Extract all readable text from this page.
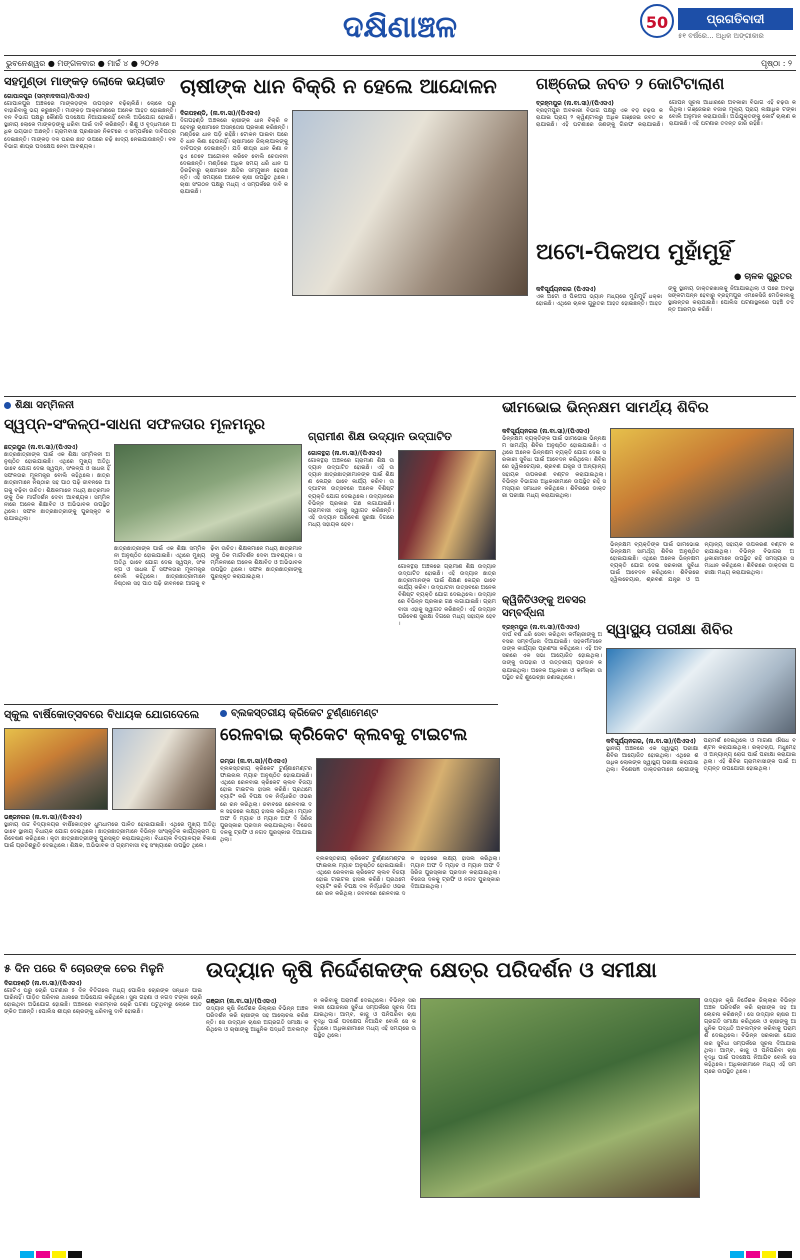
ଦକ୍ଷିଣାଞ୍ଚଳ	50	ପ୍ରଗତିବାଦୀ
୫୧ ବର୍ଷରେ... ଅଧିକ ଅଙ୍ଗୀକାର
ଭୁବନେଶ୍ୱର ● ମଙ୍ଗଳବାର ● ମାର୍ଚ୍ଚ ୪ ● ୨୦୨୫	ପୃଷ୍ଠା : ୨
ସହମୁଣ୍ଡା ମାଙ୍କଡ଼ ଲୋକେ ଭୟଭୀତ
ଗୋପାଳପୁର (ସମ୍ବାଦଦାତା)/ପିଏସଏ)
ଗୋପାଳପୁର ଅଞ୍ଚଳରେ ମାଙ୍କଡ଼ଙ୍କ ଉପଦ୍ରବ ବଢ଼ିଚାଲିଛି। ଲୋକେ ଘରୁ ବାହାରିବାକୁ ଭୟ କରୁଛନ୍ତି। ମାଙ୍କଡ଼ ଆକ୍ରମଣରେ ଅନେକ ଆହତ ହୋଇଛନ୍ତି। ବନ ବିଭାଗ ପକ୍ଷରୁ କୌଣସି ପଦକ୍ଷେପ ନିଆଯାଇନାହିଁ ବୋଲି ଅଭିଯୋଗ ହୋଇଛି। ସ୍ଥାନୀୟ ଲୋକେ ମାଙ୍କଡ଼ଙ୍କୁ ଧରିବା ପାଇଁ ଦାବି କରିଛନ୍ତି। ଶିଶୁ ଓ ବୃଦ୍ଧମାନେ ଅଧିକ ଭୟଭୀତ ଅଛନ୍ତି। ଗ୍ରାମବାସୀ ପ୍ରଶାସନ ନିକଟରେ ଏ ସମ୍ପର୍କରେ ଦାବିପତ୍ର ଦେଇଛନ୍ତି। ମାଙ୍କଡ଼ ଦଳ ଘରର ଛାତ ଉପରେ ଚଢ଼ି ଖାଦ୍ୟ ନେଇଯାଉଛନ୍ତି। ବନ ବିଭାଗ ଶୀଘ୍ର ପଦକ୍ଷେପ ନେବା ଆବଶ୍ୟକ।
ଚାଷୀଙ୍କ ଧାନ ବିକ୍ରି ନ ହେଲେ ଆନ୍ଦୋଳନ
ଦିଗପହଣ୍ଡି, (ନା.ବା.ସା)/(ପିଏସଏ)
ଦିଗପହଣ୍ଡି ଅଞ୍ଚଳରେ ଚାଷୀଙ୍କ ଧାନ ବିକ୍ରି ନ ହେବାରୁ ଚାଷୀମାନେ ଅସନ୍ତୋଷ ପ୍ରକାଶ କରିଛନ୍ତି। ମଣ୍ଡିରେ ଧାନ ପଡ଼ି ରହିଛି। ଟୋକନ ପାଇବା ପରେ ବି ଧାନ କିଣା ହେଉନାହିଁ। ଚାଷୀମାନେ ଜିଲ୍ଲାପାଳଙ୍କୁ ଦାବିପତ୍ର ଦେଇଛନ୍ତି। ଯଦି ଶୀଘ୍ର ଧାନ କିଣା ନ ହୁଏ ତେବେ ଆନ୍ଦୋଳନ କରିବେ ବୋଲି ଚେତାବନୀ ଦେଇଛନ୍ତି। ମଣ୍ଡିରେ ଅଧିକ ସମୟ ଧରି ଧାନ ପଡ଼ିରହିବାରୁ ଚାଷୀମାନେ କ୍ଷତିର ସମ୍ମୁଖୀନ ହେଉଛନ୍ତି। ଏହି ସମୟରେ ଅନେକ ଚାଷୀ ଉପସ୍ଥିତ ଥିଲେ। ଚାଷୀ ସଂଗଠନ ପକ୍ଷରୁ ମଧ୍ୟ ଏ ସମ୍ପର୍କରେ ଦାବି କରାଯାଇଛି।
ଗଞ୍ଜେଇ ଜବତ ୨ କୋଟିଟାଲାଣ
ବ୍ରହ୍ମପୁର (ନା.ବା.ସା)/(ପିଏସଏ)
ବ୍ରହ୍ମପୁର ଅବକାରୀ ବିଭାଗ ପକ୍ଷରୁ ଏକ ବଡ଼ ଚଢ଼ଉ କରାଯାଇ ପ୍ରାୟ ୨ କ୍ୱିଣ୍ଟାଲରୁ ଅଧିକ ଗଞ୍ଜେଇ ଜବତ କରାଯାଇଛି। ଏହି ଘଟଣାରେ ଜଣଙ୍କୁ ଗିରଫ କରାଯାଇଛି। ଗୋପନ ସୂଚନା ଆଧାରରେ ଅବକାରୀ ବିଭାଗ ଏହି ଚଢ଼ଉ କରିଥିଲା। ଗଞ୍ଜେଇର ବଜାର ମୂଲ୍ୟ ପ୍ରାୟ ଲକ୍ଷାଧିକ ଟଙ୍କା ବୋଲି ଅନୁମାନ କରାଯାଉଛି। ଅଭିଯୁକ୍ତଙ୍କୁ କୋର୍ଟ ଚାଲାଣ କରାଯାଇଛି। ଏହି ଘଟଣାର ତଦନ୍ତ ଜାରି ରହିଛି।
ଅଟୋ-ପିକଅପ ମୁହାଁମୁହିଁ
● ଚାଳକ ଗୁରୁତର
କବିସୂର୍ଯ୍ୟନଗର (ପିଏସଏ)
ଏକ ଅଟୋ ଓ ପିକଅପ ଭ୍ୟାନ ମଧ୍ୟରେ ମୁହାଁମୁହିଁ ଧକ୍କା ହୋଇଛି। ଏଥିରେ ଚାଳକ ଗୁରୁତର ଆହତ ହୋଇଛନ୍ତି। ଆହତଙ୍କୁ ସ୍ଥାନୀୟ ଡାକ୍ତରଖାନାକୁ ନିଆଯାଇଥିଲା ଓ ପରେ ଅବସ୍ଥା ସଙ୍କଟାପନ୍ନ ହେବାରୁ ବ୍ରହ୍ମପୁର ଏମକେସିଜି ମେଡିକାଲକୁ ସ୍ଥାନାନ୍ତର କରାଯାଇଛି। ପୋଲିସ ଘଟଣାସ୍ଥଳରେ ପହଞ୍ଚି ତଦନ୍ତ ଆରମ୍ଭ କରିଛି।
ଶିକ୍ଷା ସମ୍ମିଳନୀ
ସ୍ୱପ୍ନ-ସଂକଳ୍ପ-ସାଧନା ସଫଳତାର ମୂଳମନ୍ତ୍ର
ଛତ୍ରପୁର (ନା.ବା.ସା)/(ପିଏସଏ)
ଛାତ୍ରଛାତ୍ରୀଙ୍କ ପାଇଁ ଏକ ଶିକ୍ଷା ସମ୍ମିଳନୀ ଅନୁଷ୍ଠିତ ହୋଇଯାଇଛି। ଏଥିରେ ମୁଖ୍ୟ ଅତିଥି ଭାବେ ଯୋଗ ଦେଇ ସ୍ୱପ୍ନ, ସଂକଳ୍ପ ଓ ସାଧନା ହିଁ ସଫଳତାର ମୂଳମନ୍ତ୍ର ବୋଲି କହିଥିଲେ। ଛାତ୍ରଛାତ୍ରୀମାନେ ନିଷ୍ଠାର ସହ ପାଠ ପଢ଼ି ଜୀବନରେ ଆଗକୁ ବଢ଼ିବା ଉଚିତ। ଶିକ୍ଷକମାନେ ମଧ୍ୟ ଛାତ୍ରମାନଙ୍କୁ ଠିକ ମାର୍ଗଦର୍ଶନ ଦେବା ଆବଶ୍ୟକ। ସମ୍ମିଳନୀରେ ଅନେକ ଶିକ୍ଷାବିତ ଓ ଅଭିଭାବକ ଉପସ୍ଥିତ ଥିଲେ। ସଫଳ ଛାତ୍ରଛାତ୍ରୀଙ୍କୁ ପୁରସ୍କୃତ କରାଯାଇଥିଲା।
ଛାତ୍ରଛାତ୍ରୀଙ୍କ ପାଇଁ ଏକ ଶିକ୍ଷା ସମ୍ମିଳନୀ ଅନୁଷ୍ଠିତ ହୋଇଯାଇଛି। ଏଥିରେ ମୁଖ୍ୟ ଅତିଥି ଭାବେ ଯୋଗ ଦେଇ ସ୍ୱପ୍ନ, ସଂକଳ୍ପ ଓ ସାଧନା ହିଁ ସଫଳତାର ମୂଳମନ୍ତ୍ର ବୋଲି କହିଥିଲେ। ଛାତ୍ରଛାତ୍ରୀମାନେ ନିଷ୍ଠାର ସହ ପାଠ ପଢ଼ି ଜୀବନରେ ଆଗକୁ ବଢ଼ିବା ଉଚିତ। ଶିକ୍ଷକମାନେ ମଧ୍ୟ ଛାତ୍ରମାନଙ୍କୁ ଠିକ ମାର୍ଗଦର୍ଶନ ଦେବା ଆବଶ୍ୟକ। ସମ୍ମିଳନୀରେ ଅନେକ ଶିକ୍ଷାବିତ ଓ ଅଭିଭାବକ ଉପସ୍ଥିତ ଥିଲେ। ସଫଳ ଛାତ୍ରଛାତ୍ରୀଙ୍କୁ ପୁରସ୍କୃତ କରାଯାଇଥିଲା।
ଗ୍ରାମୀଣ ଶିକ୍ଷ ଉଦ୍ୟାନ ଉଦ୍‌ଘାଟିତ
ଗୋଳନ୍ଥରା (ନା.ବା.ସା)/(ପିଏସଏ)
ଗୋଳନ୍ଥରା ଅଞ୍ଚଳରେ ଗ୍ରାମୀଣ ଶିକ୍ଷ ଉଦ୍ୟାନ ଉଦ୍‌ଘାଟିତ ହୋଇଛି। ଏହି ଉଦ୍ୟାନ ଛାତ୍ରଛାତ୍ରୀମାନଙ୍କ ପାଇଁ ଶିକ୍ଷଣ କେନ୍ଦ୍ର ଭାବେ କାର୍ଯ୍ୟ କରିବ। ଉଦ୍‌ଘାଟନୀ ଉତ୍ସବରେ ଅନେକ ବିଶିଷ୍ଟ ବ୍ୟକ୍ତି ଯୋଗ ଦେଇଥିଲେ। ଉଦ୍ୟାନରେ ବିଭିନ୍ନ ପ୍ରକାର ଗଛ ଲଗାଯାଇଛି। ଗ୍ରାମବାସୀ ଏହାକୁ ସ୍ୱାଗତ କରିଛନ୍ତି। ଏହି ଉଦ୍ୟାନ ପରିବେଶ ସୁରକ୍ଷା ଦିଗରେ ମଧ୍ୟ ସହାୟକ ହେବ।
ଗୋଳନ୍ଥରା ଅଞ୍ଚଳରେ ଗ୍ରାମୀଣ ଶିକ୍ଷ ଉଦ୍ୟାନ ଉଦ୍‌ଘାଟିତ ହୋଇଛି। ଏହି ଉଦ୍ୟାନ ଛାତ୍ରଛାତ୍ରୀମାନଙ୍କ ପାଇଁ ଶିକ୍ଷଣ କେନ୍ଦ୍ର ଭାବେ କାର୍ଯ୍ୟ କରିବ। ଉଦ୍‌ଘାଟନୀ ଉତ୍ସବରେ ଅନେକ ବିଶିଷ୍ଟ ବ୍ୟକ୍ତି ଯୋଗ ଦେଇଥିଲେ। ଉଦ୍ୟାନରେ ବିଭିନ୍ନ ପ୍ରକାର ଗଛ ଲଗାଯାଇଛି। ଗ୍ରାମବାସୀ ଏହାକୁ ସ୍ୱାଗତ କରିଛନ୍ତି। ଏହି ଉଦ୍ୟାନ ପରିବେଶ ସୁରକ୍ଷା ଦିଗରେ ମଧ୍ୟ ସହାୟକ ହେବ।
ଭୀମଭୋଇ ଭିନ୍ନକ୍ଷମ ସାମର୍ଥ୍ୟ ଶିବିର
କବିସୂର୍ଯ୍ୟନଗର (ନା.ବା.ସା)/(ପିଏସଏ)
ଭିନ୍ନକ୍ଷମ ବ୍ୟକ୍ତିଙ୍କ ପାଇଁ ଭୀମଭୋଇ ଭିନ୍ନକ୍ଷମ ସାମର୍ଥ୍ୟ ଶିବିର ଅନୁଷ୍ଠିତ ହୋଇଯାଇଛି। ଏଥିରେ ଅନେକ ଭିନ୍ନକ୍ଷମ ବ୍ୟକ୍ତି ଯୋଗ ଦେଇ ସରକାରୀ ସୁବିଧା ପାଇଁ ଆବେଦନ କରିଥିଲେ। ଶିବିରରେ ହ୍ୱିଲଚେୟାର, ଶ୍ରବଣ ଯନ୍ତ୍ର ଓ ଅନ୍ୟାନ୍ୟ ସହାୟକ ଉପକରଣ ବଣ୍ଟନ କରାଯାଇଥିଲା। ବିଭିନ୍ନ ବିଭାଗର ଅଧିକାରୀମାନେ ଉପସ୍ଥିତ ରହି ସମସ୍ୟାର ସମାଧାନ କରିଥିଲେ। ଶିବିରରେ ଡାକ୍ତରୀ ପରୀକ୍ଷା ମଧ୍ୟ କରାଯାଇଥିଲା।
ଭିନ୍ନକ୍ଷମ ବ୍ୟକ୍ତିଙ୍କ ପାଇଁ ଭୀମଭୋଇ ଭିନ୍ନକ୍ଷମ ସାମର୍ଥ୍ୟ ଶିବିର ଅନୁଷ୍ଠିତ ହୋଇଯାଇଛି। ଏଥିରେ ଅନେକ ଭିନ୍ନକ୍ଷମ ବ୍ୟକ୍ତି ଯୋଗ ଦେଇ ସରକାରୀ ସୁବିଧା ପାଇଁ ଆବେଦନ କରିଥିଲେ। ଶିବିରରେ ହ୍ୱିଲଚେୟାର, ଶ୍ରବଣ ଯନ୍ତ୍ର ଓ ଅନ୍ୟାନ୍ୟ ସହାୟକ ଉପକରଣ ବଣ୍ଟନ କରାଯାଇଥିଲା। ବିଭିନ୍ନ ବିଭାଗର ଅଧିକାରୀମାନେ ଉପସ୍ଥିତ ରହି ସମସ୍ୟାର ସମାଧାନ କରିଥିଲେ। ଶିବିରରେ ଡାକ୍ତରୀ ପରୀକ୍ଷା ମଧ୍ୟ କରାଯାଇଥିଲା।
କ୍ୱିଜିତିଓଙ୍କୁ ଅବସର ସମ୍ବର୍ଦ୍ଧନା
ବ୍ରହ୍ମପୁର (ନା.ବା.ସା)/(ପିଏସଏ)
ଦୀର୍ଘ ବର୍ଷ ଧରି ସେବା କରିଥିବା କର୍ମଚାରୀଙ୍କୁ ଅବସର ସମ୍ବର୍ଦ୍ଧନା ଦିଆଯାଇଛି। ସହକର୍ମୀମାନେ ତାଙ୍କ କାର୍ଯ୍ୟର ପ୍ରଶଂସା କରିଥିଲେ। ଏହି ଅବସରରେ ଏକ ସଭା ଆୟୋଜିତ ହୋଇଥିଲା। ତାଙ୍କୁ ଉପହାର ଓ ଉତ୍ତରୀୟ ପ୍ରଦାନ କରାଯାଇଥିଲା। ଅନେକ ଅଧିକାରୀ ଓ କର୍ମଚାରୀ ଉପସ୍ଥିତ ରହି ଶୁଭେଚ୍ଛା ଜଣାଇଥିଲେ।
ସ୍ୱାସ୍ଥ୍ୟ ପରୀକ୍ଷା ଶିବିର
କବିସୂର୍ଯ୍ୟନଗର, (ନା.ବା.ସା)/(ପିଏସଏ)
ସ୍ଥାନୀୟ ଅଞ୍ଚଳରେ ଏକ ସ୍ୱାସ୍ଥ୍ୟ ପରୀକ୍ଷା ଶିବିର ଆୟୋଜିତ ହୋଇଥିଲା। ଏଥିରେ ଶତାଧିକ ଲୋକଙ୍କ ସ୍ୱାସ୍ଥ୍ୟ ପରୀକ୍ଷା କରାଯାଇଥିଲା। ବିଶେଷଜ୍ଞ ଡାକ୍ତରମାନେ ରୋଗୀଙ୍କୁ ପରାମର୍ଶ ଦେଇଥିଲେ ଓ ମାଗଣା ଔଷଧ ବଣ୍ଟନ କରାଯାଇଥିଲା। ରକ୍ତଚାପ, ମଧୁମେହ ଓ ଅନ୍ୟାନ୍ୟ ରୋଗ ପାଇଁ ପରୀକ୍ଷା କରାଯାଇଥିଲା। ଏହି ଶିବିର ଗ୍ରାମବାସୀଙ୍କ ପାଇଁ ଅତ୍ୟନ୍ତ ଉପଯୋଗୀ ହୋଇଥିଲା।
ସ୍କୁଲ ବାର୍ଷିକୋତ୍ସବରେ ବିଧାୟକ ଯୋଗଦେଲେ
ଭଞ୍ଜନଗର (ନା.ବା.ସା)/(ପିଏସଏ)
ସ୍ଥାନୀୟ ଉଚ୍ଚ ବିଦ୍ୟାଳୟର ବାର୍ଷିକୋତ୍ସବ ଧୁମଧାମରେ ପାଳିତ ହୋଇଯାଇଛି। ଏଥିରେ ମୁଖ୍ୟ ଅତିଥି ଭାବେ ସ୍ଥାନୀୟ ବିଧାୟକ ଯୋଗ ଦେଇଥିଲେ। ଛାତ୍ରଛାତ୍ରୀମାନେ ବିଭିନ୍ନ ସାଂସ୍କୃତିକ କାର୍ଯ୍ୟକ୍ରମ ପରିବେଷଣ କରିଥିଲେ। କୃତୀ ଛାତ୍ରଛାତ୍ରୀଙ୍କୁ ପୁରସ୍କୃତ କରାଯାଇଥିଲା। ବିଧାୟକ ବିଦ୍ୟାଳୟର ବିକାଶ ପାଇଁ ପ୍ରତିଶ୍ରୁତି ଦେଇଥିଲେ। ଶିକ୍ଷକ, ଅଭିଭାବକ ଓ ଗ୍ରାମବାସୀ ବହୁ ସଂଖ୍ୟାରେ ଉପସ୍ଥିତ ଥିଲେ।
ବ୍ଲକସ୍ତରୀୟ କ୍ରିକେଟ ଟୁର୍ଣ୍ଣାମେଣ୍ଟ
ରେଳବାଇ କ୍ରିକେଟ କ୍ଲବକୁ ଟାଇଟଲ
ରମ୍ଭା (ନା.ବା.ସା)/(ପିଏସଏ)
ବ୍ଲକସ୍ତରୀୟ କ୍ରିକେଟ ଟୁର୍ଣ୍ଣାମେଣ୍ଟର ଫାଇନାଲ ମ୍ୟାଚ ଅନୁଷ୍ଠିତ ହୋଇଯାଇଛି। ଏଥିରେ ରେଳବାଇ କ୍ରିକେଟ କ୍ଲବ ବିଜୟୀ ହୋଇ ଟାଇଟଲ ହାସଲ କରିଛି। ପ୍ରଥମେ ବ୍ୟାଟିଂ କରି ବିପକ୍ଷ ଦଳ ନିର୍ଦ୍ଧାରିତ ଓଭରରେ ରନ କରିଥିଲା। ଜବାବରେ ରେଳବାଇ ଦଳ ସହଜରେ ଲକ୍ଷ୍ୟ ହାସଲ କରିଥିଲା। ମ୍ୟାନ ଅଫ ଦି ମ୍ୟାଚ ଓ ମ୍ୟାନ ଅଫ ଦି ସିରିଜ ପୁରସ୍କାର ପ୍ରଦାନ କରାଯାଇଥିଲା। ବିଜେତା ଦଳକୁ ଟ୍ରଫି ଓ ନଗଦ ପୁରସ୍କାର ଦିଆଯାଇଥିଲା।
ବ୍ଲକସ୍ତରୀୟ କ୍ରିକେଟ ଟୁର୍ଣ୍ଣାମେଣ୍ଟର ଫାଇନାଲ ମ୍ୟାଚ ଅନୁଷ୍ଠିତ ହୋଇଯାଇଛି। ଏଥିରେ ରେଳବାଇ କ୍ରିକେଟ କ୍ଲବ ବିଜୟୀ ହୋଇ ଟାଇଟଲ ହାସଲ କରିଛି। ପ୍ରଥମେ ବ୍ୟାଟିଂ କରି ବିପକ୍ଷ ଦଳ ନିର୍ଦ୍ଧାରିତ ଓଭରରେ ରନ କରିଥିଲା। ଜବାବରେ ରେଳବାଇ ଦଳ ସହଜରେ ଲକ୍ଷ୍ୟ ହାସଲ କରିଥିଲା। ମ୍ୟାନ ଅଫ ଦି ମ୍ୟାଚ ଓ ମ୍ୟାନ ଅଫ ଦି ସିରିଜ ପୁରସ୍କାର ପ୍ରଦାନ କରାଯାଇଥିଲା। ବିଜେତା ଦଳକୁ ଟ୍ରଫି ଓ ନଗଦ ପୁରସ୍କାର ଦିଆଯାଇଥିଲା।
ଉଦ୍ୟାନ କୃଷି ନିର୍ଦ୍ଦେଶକଙ୍କ କ୍ଷେତ୍ର ପରିଦର୍ଶନ ଓ ସମୀକ୍ଷା
ଗଞ୍ଜାମ (ନା.ବା.ସା)/(ପିଏସଏ)
ଉଦ୍ୟାନ କୃଷି ନିର୍ଦ୍ଦେଶକ ଜିଲ୍ଲାର ବିଭିନ୍ନ ଅଞ୍ଚଳ ପରିଦର୍ଶନ କରି ଚାଷୀଙ୍କ ସହ ଆଲୋଚନା କରିଛନ୍ତି। ସେ ଉଦ୍ୟାନ ଚାଷର ଅଗ୍ରଗତି ସମୀକ୍ଷା କରିଥିଲେ ଓ ଚାଷୀଙ୍କୁ ଆଧୁନିକ ପଦ୍ଧତି ଅବଲମ୍ବନ କରିବାକୁ ପରାମର୍ଶ ଦେଇଥିଲେ। ବିଭିନ୍ନ ସରକାରୀ ଯୋଜନାର ସୁବିଧା ସମ୍ପର୍କରେ ସୂଚନା ଦିଆଯାଇଥିଲା। ଆମ୍ବ, କାଜୁ ଓ ପନିପରିବା ଚାଷ ବୃଦ୍ଧି ପାଇଁ ପଦକ୍ଷେପ ନିଆଯିବ ବୋଲି ସେ କହିଥିଲେ। ଅଧିକାରୀମାନେ ମଧ୍ୟ ଏହି ସମୟରେ ଉପସ୍ଥିତ ଥିଲେ।
ଉଦ୍ୟାନ କୃଷି ନିର୍ଦ୍ଦେଶକ ଜିଲ୍ଲାର ବିଭିନ୍ନ ଅଞ୍ଚଳ ପରିଦର୍ଶନ କରି ଚାଷୀଙ୍କ ସହ ଆଲୋଚନା କରିଛନ୍ତି। ସେ ଉଦ୍ୟାନ ଚାଷର ଅଗ୍ରଗତି ସମୀକ୍ଷା କରିଥିଲେ ଓ ଚାଷୀଙ୍କୁ ଆଧୁନିକ ପଦ୍ଧତି ଅବଲମ୍ବନ କରିବାକୁ ପରାମର୍ଶ ଦେଇଥିଲେ। ବିଭିନ୍ନ ସରକାରୀ ଯୋଜନାର ସୁବିଧା ସମ୍ପର୍କରେ ସୂଚନା ଦିଆଯାଇଥିଲା। ଆମ୍ବ, କାଜୁ ଓ ପନିପରିବା ଚାଷ ବୃଦ୍ଧି ପାଇଁ ପଦକ୍ଷେପ ନିଆଯିବ ବୋଲି ସେ କହିଥିଲେ। ଅଧିକାରୀମାନେ ମଧ୍ୟ ଏହି ସମୟରେ ଉପସ୍ଥିତ ଥିଲେ।
୫ ଦିନ ପରେ ବି ଚୋରଙ୍କ ଚେର ମିଳୁନି
ଦିଗପହଣ୍ଡି (ନା.ବା.ସା)/(ପିଏସଏ)
ଗୋଟିଏ ଘରୁ ଚୋରି ଘଟଣାର ୫ ଦିନ ବିତିଗଲେ ମଧ୍ୟ ପୋଲିସ ଚୋରଙ୍କ ସନ୍ଧାନ ପାଇପାରିନାହିଁ। ପୀଡ଼ିତ ପରିବାର ଥାନାରେ ଅଭିଯୋଗ କରିଥିଲେ। ସୁନା ଗହଣା ଓ ନଗଦ ଟଙ୍କା ଚୋରି ହୋଇଥିବା ଅଭିଯୋଗ ହୋଇଛି। ଅଞ୍ଚଳରେ ବାରମ୍ବାର ଚୋରି ଘଟଣା ଘଟୁଥିବାରୁ ଲୋକେ ଆତଙ୍କିତ ଅଛନ୍ତି। ପୋଲିସ ଶୀଘ୍ର ଚୋରଙ୍କୁ ଧରିବାକୁ ଦାବି ହୋଇଛି।
